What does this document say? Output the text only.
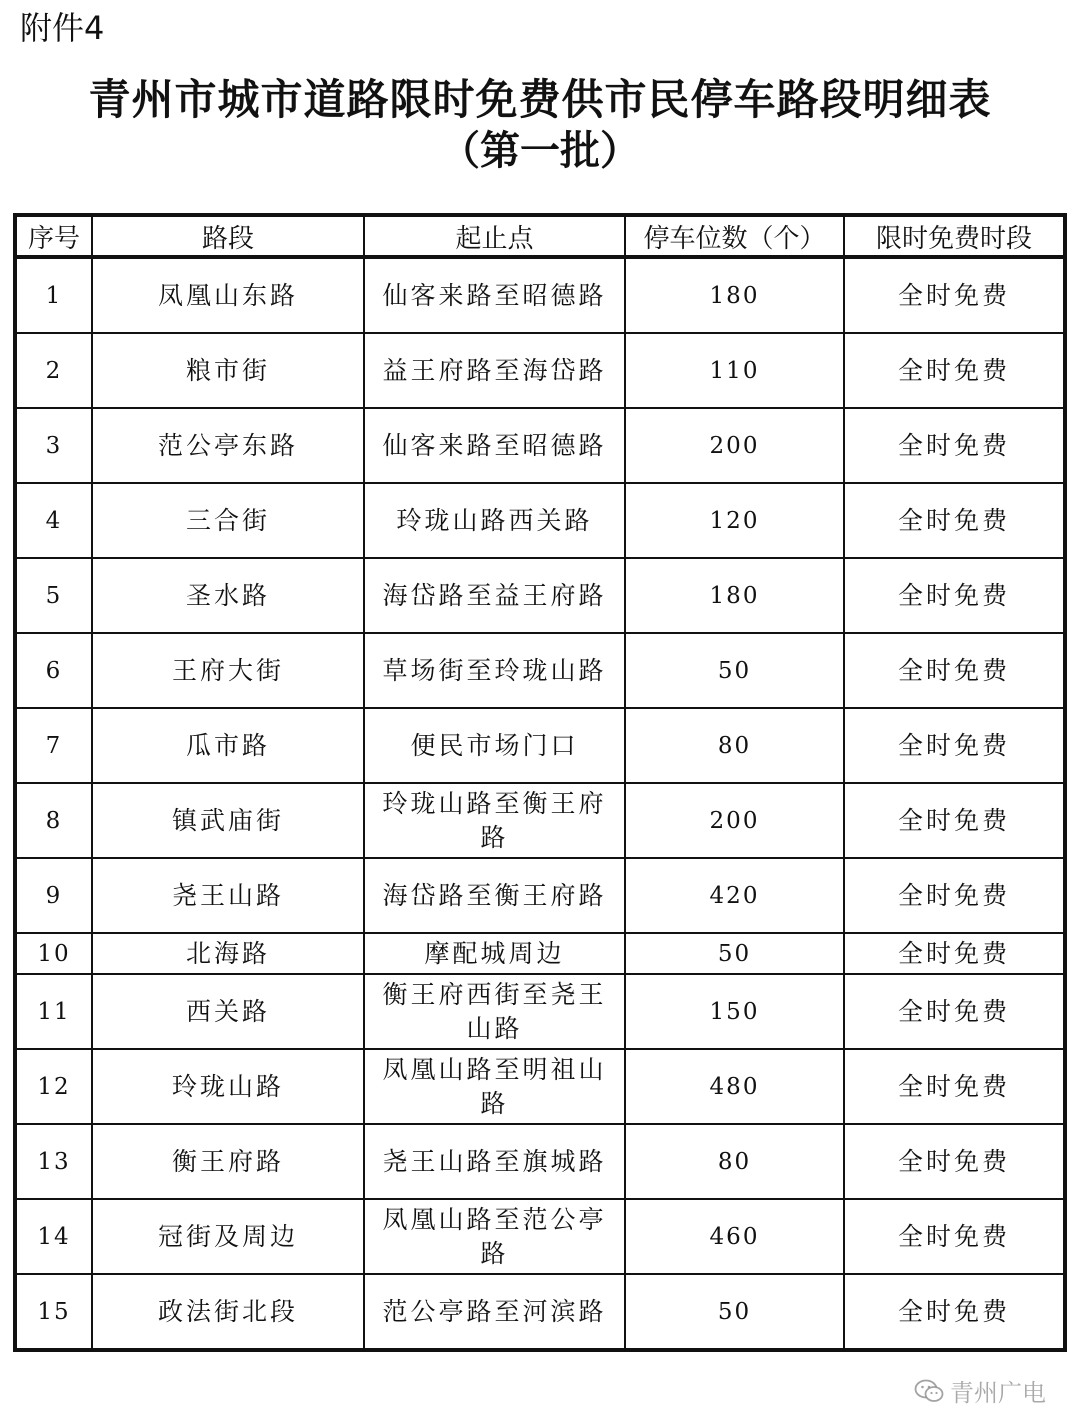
附件4
青州市城市道路限时免费供市民停车路段明细表
（第一批）
序号	路段	起止点	停车位数（个）	限时免费时段
1	凤凰山东路	仙客来路至昭德路	180	全时免费
2	粮市街	益王府路至海岱路	110	全时免费
3	范公亭东路	仙客来路至昭德路	200	全时免费
4	三合街	玲珑山路西关路	120	全时免费
5	圣水路	海岱路至益王府路	180	全时免费
6	王府大街	草场街至玲珑山路	50	全时免费
7	瓜市路	便民市场门口	80	全时免费
8	镇武庙街	玲珑山路至衡王府路	200	全时免费
9	尧王山路	海岱路至衡王府路	420	全时免费
10	北海路	摩配城周边	50	全时免费
11	西关路	衡王府西街至尧王山路	150	全时免费
12	玲珑山路	凤凰山路至明祖山路	480	全时免费
13	衡王府路	尧王山路至旗城路	80	全时免费
14	冠街及周边	凤凰山路至范公亭路	460	全时免费
15	政法街北段	范公亭路至河滨路	50	全时免费
青州广电
